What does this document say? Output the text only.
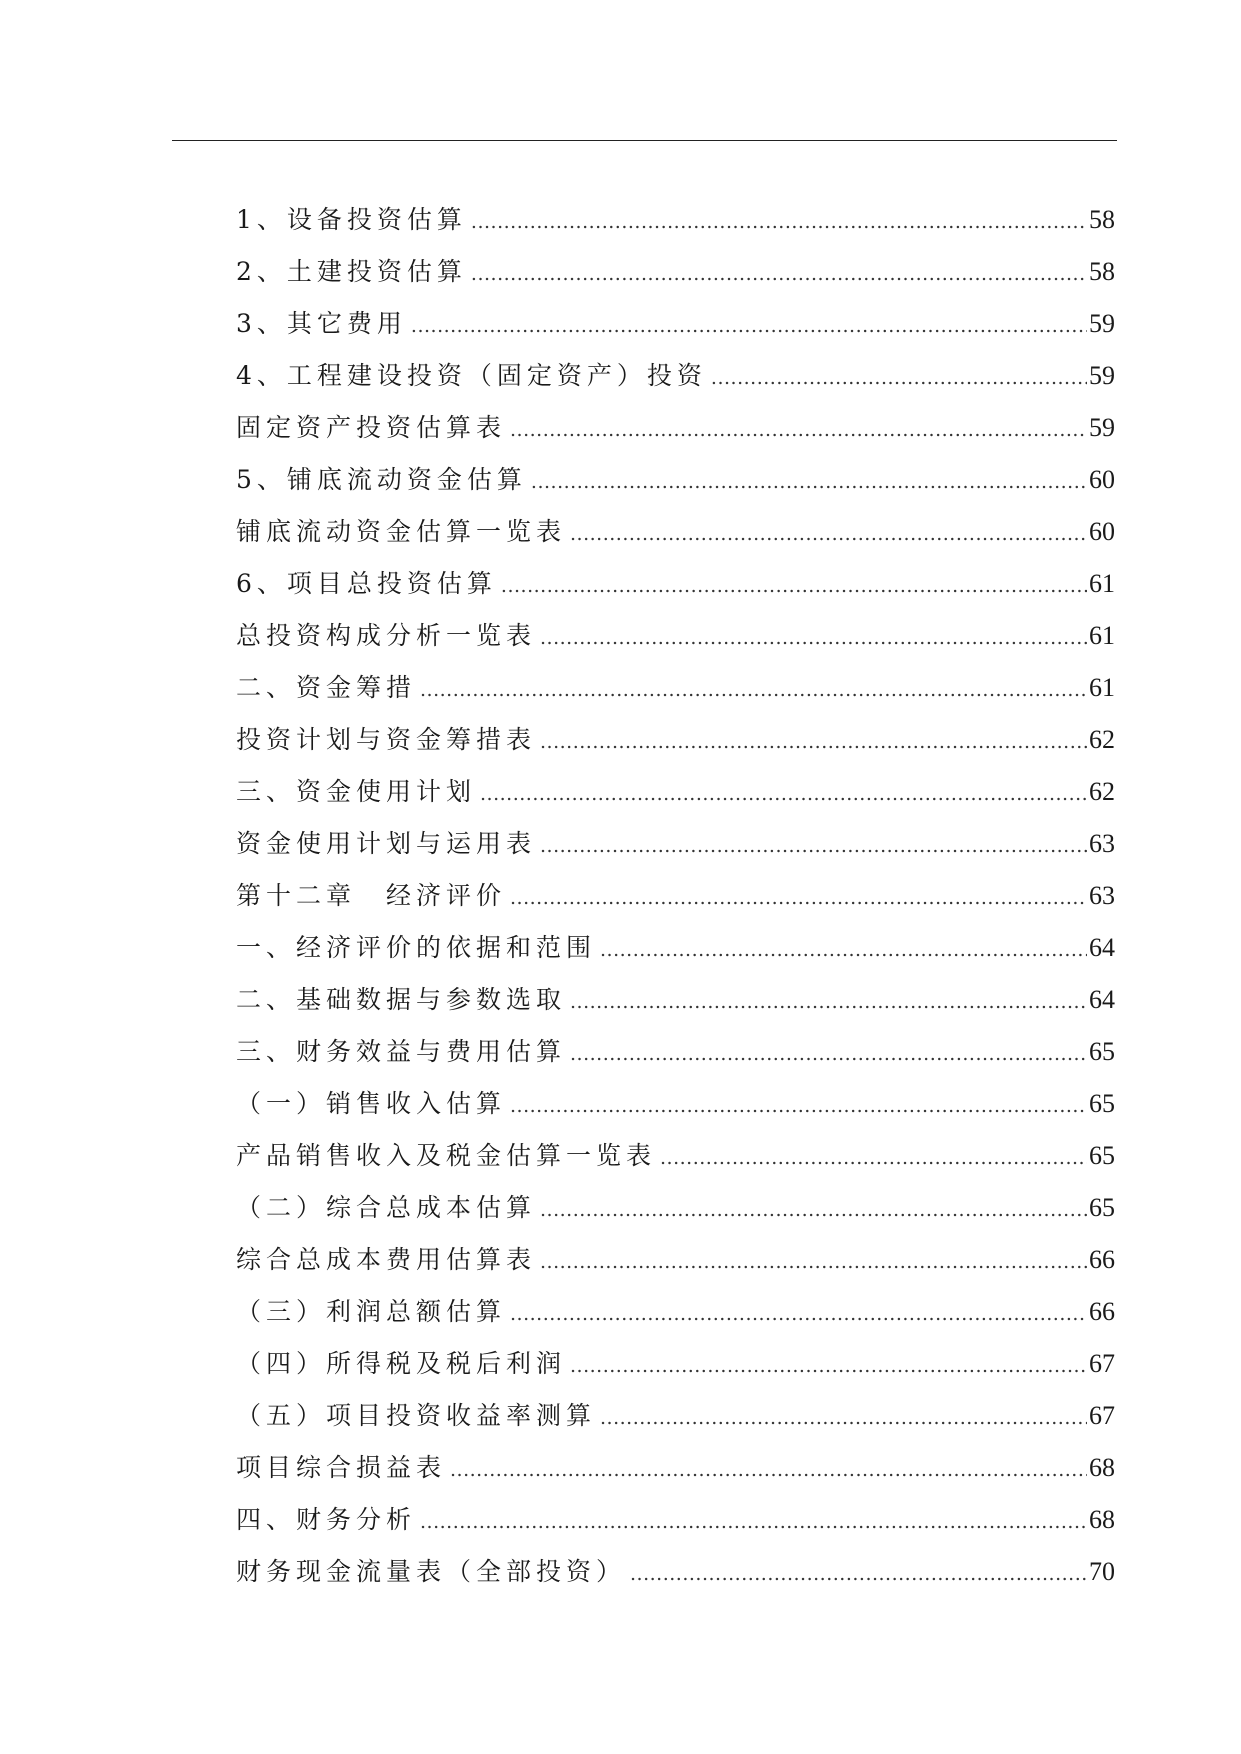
1、设备投资估算 .....	58
2、土建投资估算 .....	58
3、其它费用 .....	59
4、工程建设投资（固定资产）投资 .....	59
固定资产投资估算表 .....	59
5、铺底流动资金估算 .....	60
铺底流动资金估算一览表 .....	60
6、项目总投资估算 .....	61
总投资构成分析一览表 .....	61
二、资金筹措 .....	61
投资计划与资金筹措表 .....	62
三、资金使用计划 .....	62
资金使用计划与运用表 .....	63
第十二章　经济评价 .....	63
一、经济评价的依据和范围 .....	64
二、基础数据与参数选取 .....	64
三、财务效益与费用估算 .....	65
（一）销售收入估算 .....	65
产品销售收入及税金估算一览表 .....	65
（二）综合总成本估算 .....	65
综合总成本费用估算表 .....	66
（三）利润总额估算 .....	66
（四）所得税及税后利润 .....	67
（五）项目投资收益率测算 .....	67
项目综合损益表 .....	68
四、财务分析 .....	68
财务现金流量表（全部投资） .....	70
